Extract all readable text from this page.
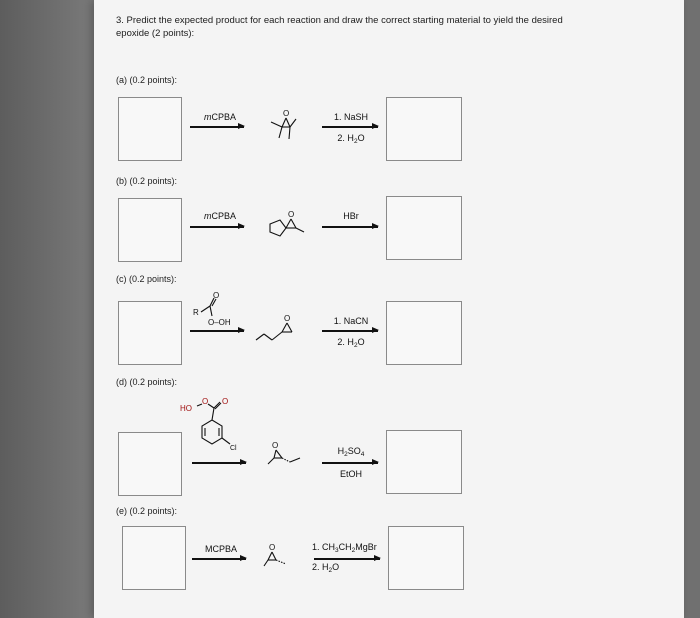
3. Predict the expected product for each reaction and draw the correct starting material to yield the desired epoxide (2 points):
(a) (0.2 points):
mCPBA	O	1. NaSH
2. $H_2O$
(b) (0.2 points):
mCPBA	O	HBr
(c) (0.2 points):
R
O
O–OH	O	1. NaCN
2. $H_2O$
(d) (0.2 points):
HO
O O
Cl	O
$H_2SO_4$
EtOH
(e) (0.2 points):
MCPBA	O	1. $CH_3CH_2MgBr$
2. $H_2O$
